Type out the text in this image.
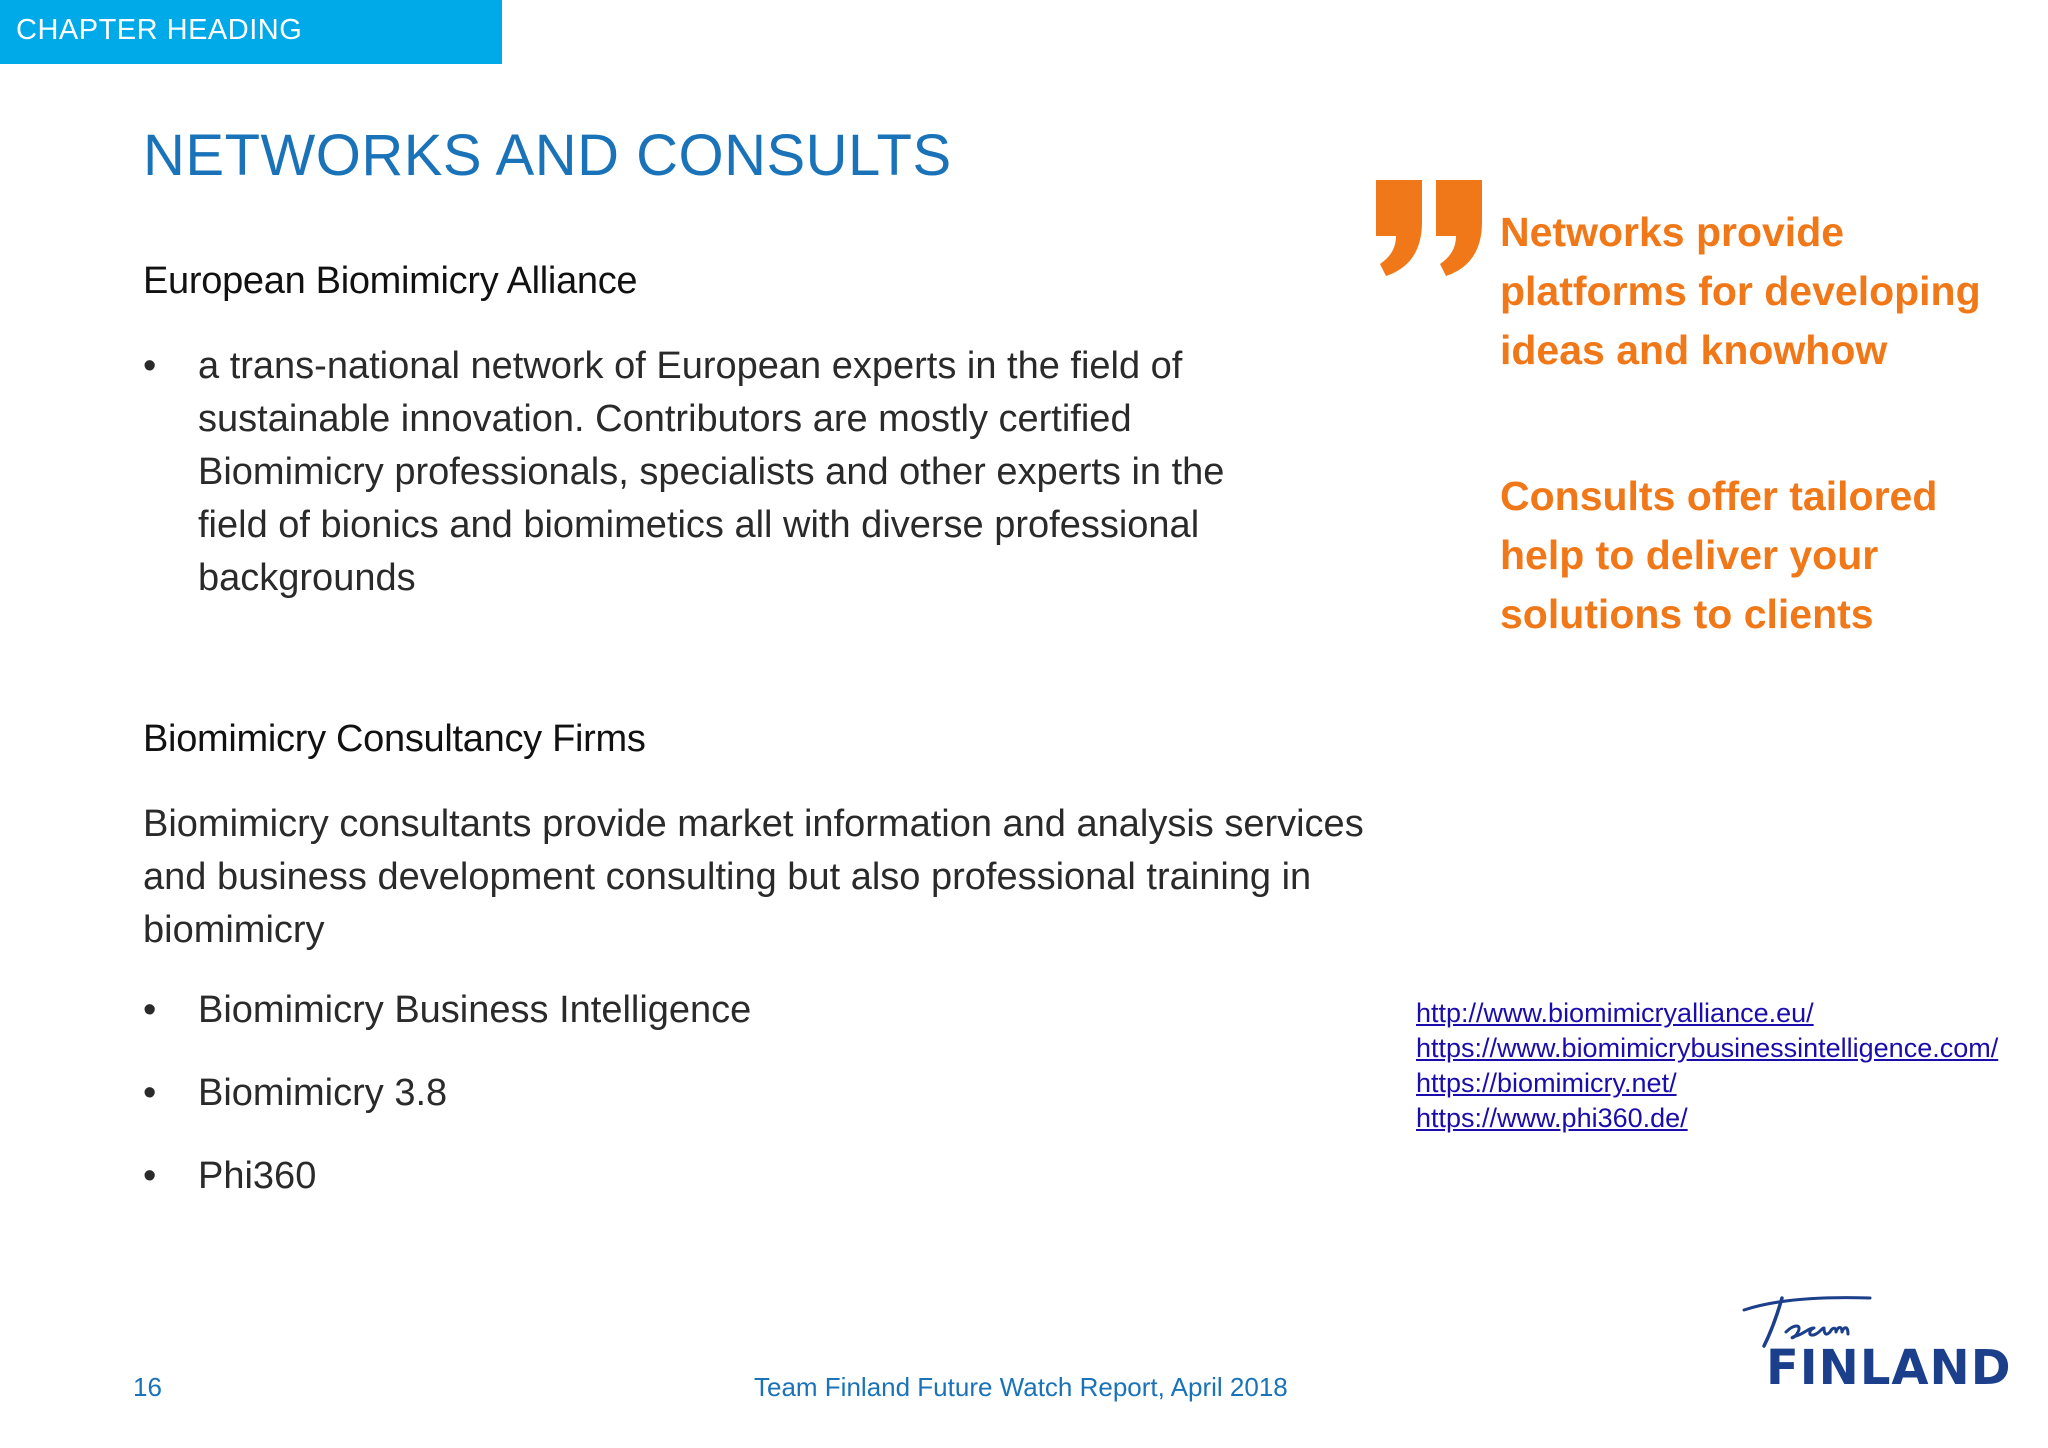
CHAPTER HEADING
NETWORKS AND CONSULTS
European Biomimicry Alliance
•	a trans-national network of European experts in the field of sustainable innovation. Contributors are mostly certified Biomimicry professionals, specialists and other experts in the field of bionics and biomimetics all with diverse professional backgrounds
Biomimicry Consultancy Firms

Biomimicry consultants provide market information and analysis services and business development consulting but also professional training in biomimicry

•	Biomimicry Business Intelligence
•	Biomimicry 3.8
•	Phi360

Networks provide platforms for developing ideas and knowhow

Consults offer tailored help to deliver your solutions to clients

http://www.biomimicryalliance.eu/
https://www.biomimicrybusinessintelligence.com/
https://biomimicry.net/
https://www.phi360.de/
16	Team Finland Future Watch Report, April 2018	FINLAND
